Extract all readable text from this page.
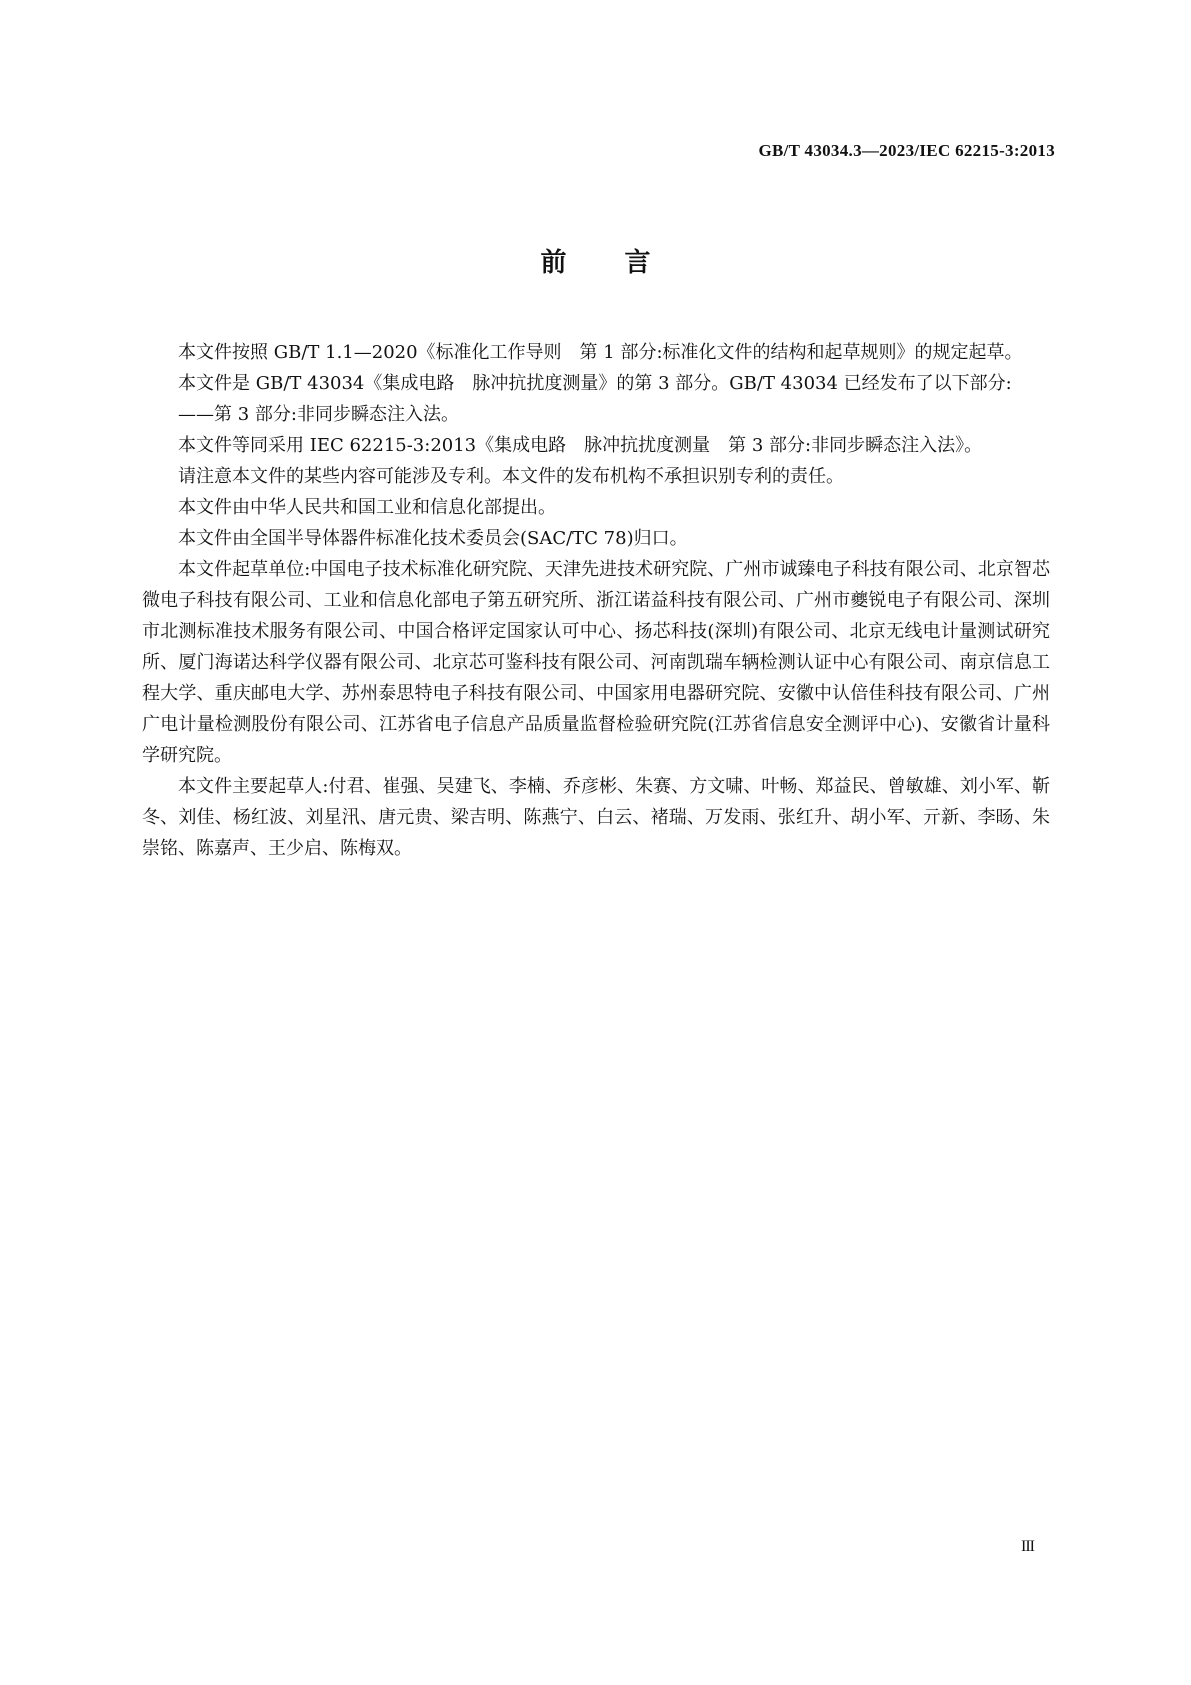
GB/T 43034.3—2023/IEC 62215-3:2013
前言

本文件按照 GB/T 1.1—2020《标准化工作导则　第 1 部分:标准化文件的结构和起草规则》的规定起草。

本文件是 GB/T 43034《集成电路　脉冲抗扰度测量》的第 3 部分。GB/T 43034 已经发布了以下部分:

——第 3 部分:非同步瞬态注入法。

本文件等同采用 IEC 62215-3:2013《集成电路　脉冲抗扰度测量　第 3 部分:非同步瞬态注入法》。

请注意本文件的某些内容可能涉及专利。本文件的发布机构不承担识别专利的责任。

本文件由中华人民共和国工业和信息化部提出。

本文件由全国半导体器件标准化技术委员会(SAC/TC 78)归口。

本文件起草单位:中国电子技术标准化研究院、天津先进技术研究院、广州市诚臻电子科技有限公司、北京智芯微电子科技有限公司、工业和信息化部电子第五研究所、浙江诺益科技有限公司、广州市夔锐电子有限公司、深圳市北测标准技术服务有限公司、中国合格评定国家认可中心、扬芯科技(深圳)有限公司、北京无线电计量测试研究所、厦门海诺达科学仪器有限公司、北京芯可鉴科技有限公司、河南凯瑞车辆检测认证中心有限公司、南京信息工程大学、重庆邮电大学、苏州泰思特电子科技有限公司、中国家用电器研究院、安徽中认倍佳科技有限公司、广州广电计量检测股份有限公司、江苏省电子信息产品质量监督检验研究院(江苏省信息安全测评中心)、安徽省计量科学研究院。

本文件主要起草人:付君、崔强、吴建飞、李楠、乔彦彬、朱赛、方文啸、叶畅、郑益民、曾敏雄、刘小军、靳冬、刘佳、杨红波、刘星汛、唐元贵、梁吉明、陈燕宁、白云、褚瑞、万发雨、张红升、胡小军、亓新、李旸、朱崇铭、陈嘉声、王少启、陈梅双。

III
